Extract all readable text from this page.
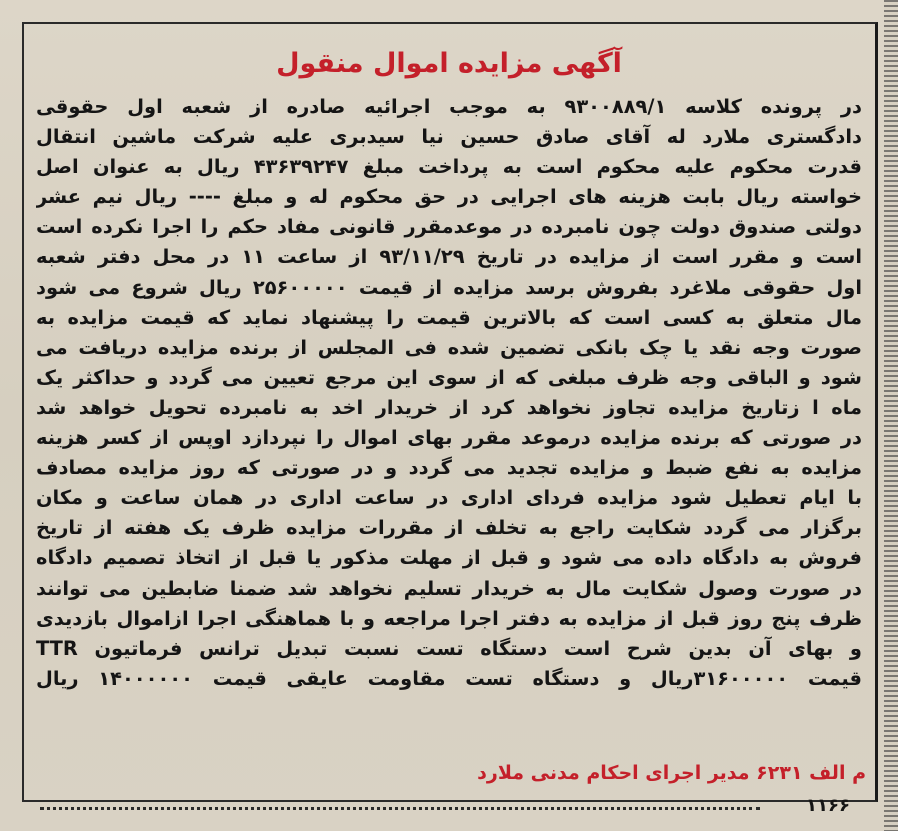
آگهی مزایده اموال منقول
در پرونده کلاسه ۹۳۰۰۸۸۹/۱ به موجب اجرائیه صادره از شعبه اول حقوقی
دادگستری ملارد له آقای صادق حسین نیا سیدبری علیه شرکت ماشین انتقال
قدرت محکوم علیه محکوم است به پرداخت مبلغ ۴۳۶۳۹۲۴۷ ریال به عنوان اصل
خواسته ریال بابت هزینه های اجرایی در حق محکوم له و مبلغ ---- ریال نیم عشر
دولتی صندوق دولت چون نامبرده در موعدمقرر قانونی مفاد حکم را اجرا نکرده است
است و مقرر است از مزایده در تاریخ ۹۳/۱۱/۲۹ از ساعت ۱۱ در محل دفتر شعبه
اول حقوقی ملاغرد بفروش برسد مزایده از قیمت ۲۵۶۰۰۰۰۰ ریال شروع می شود
مال متعلق به کسی است که بالاترین قیمت را پیشنهاد نماید که قیمت مزایده به
صورت وجه نقد یا چک بانکی تضمین شده فی المجلس از برنده مزایده دریافت می
شود و الباقی وجه ظرف مبلغی که از سوی این مرجع تعیین می گردد و حداکثر یک
ماه ا زتاریخ مزایده تجاوز نخواهد کرد از خریدار اخد به نامبرده تحویل خواهد شد
در صورتی که برنده مزایده درموعد مقرر بهای اموال را نپردازد اوپس از کسر هزینه
مزایده به نفع ضبط و مزایده تجدید می گردد و در صورتی که روز مزایده مصادف
با ایام تعطیل شود مزایده فردای اداری در ساعت اداری در همان ساعت و مکان
برگزار می گردد شکایت راجع به تخلف از مقررات مزایده ظرف یک هفته از تاریخ
فروش به دادگاه داده می شود و قبل از مهلت مذکور یا قبل از اتخاذ تصمیم دادگاه
در صورت وصول شکایت مال به خریدار تسلیم نخواهد شد ضمنا ضابطین می توانند
ظرف پنج روز قبل از مزایده به دفتر اجرا مراجعه و با هماهنگی اجرا ازاموال بازدیدی
و بهای آن بدین شرح است دستگاه تست نسبت تبدیل ترانس فرماتیون TTR
قیمت ۳۱۶۰۰۰۰۰ریال و دستگاه تست مقاومت عایقی قیمت ۱۴۰۰۰۰۰۰ ریال
م الف ۶۲۳۱ مدیر اجرای احکام مدنی ملارد
۱۱۶۶
